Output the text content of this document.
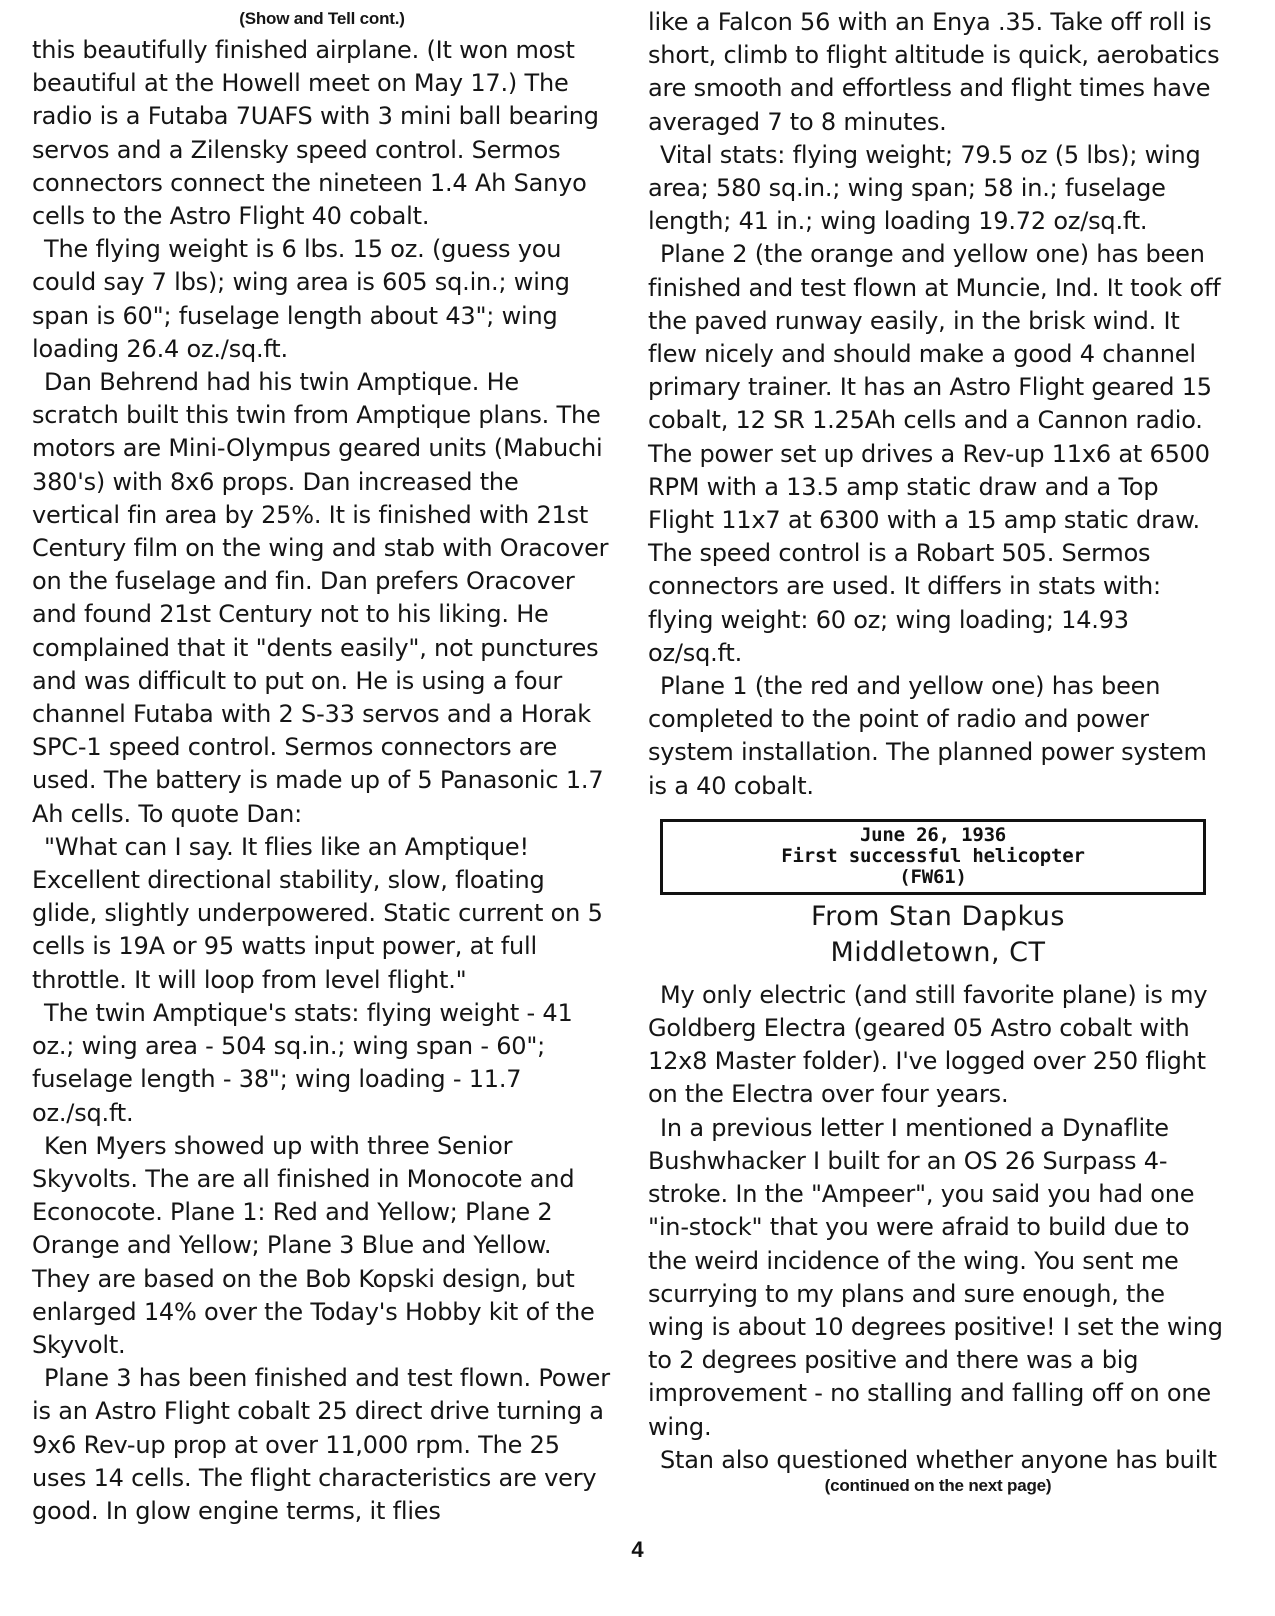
(Show and Tell cont.)

this beautifully finished airplane. (It won most beautiful at the Howell meet on May 17.) The radio is a Futaba 7UAFS with 3 mini ball bearing servos and a Zilensky speed control. Sermos connectors connect the nineteen 1.4 Ah Sanyo cells to the Astro Flight 40 cobalt.

The flying weight is 6 lbs. 15 oz. (guess you could say 7 lbs); wing area is 605 sq.in.; wing span is 60"; fuselage length about 43"; wing loading 26.4 oz./sq.ft.

Dan Behrend had his twin Amptique. He scratch built this twin from Amptique plans. The motors are Mini-Olympus geared units (Mabuchi 380's) with 8x6 props. Dan increased the vertical fin area by 25%. It is finished with 21st Century film on the wing and stab with Oracover on the fuselage and fin. Dan prefers Oracover and found 21st Century not to his liking. He complained that it "dents easily", not punctures and was difficult to put on. He is using a four channel Futaba with 2 S-33 servos and a Horak SPC-1 speed control. Sermos connectors are used. The battery is made up of 5 Panasonic 1.7 Ah cells. To quote Dan:

"What can I say. It flies like an Amptique! Excellent directional stability, slow, floating glide, slightly underpowered. Static current on 5 cells is 19A or 95 watts input power, at full throttle. It will loop from level flight."

The twin Amptique's stats: flying weight - 41 oz.; wing area - 504 sq.in.; wing span - 60"; fuselage length - 38"; wing loading - 11.7 oz./sq.ft.

Ken Myers showed up with three Senior Skyvolts. The are all finished in Monocote and Econocote. Plane 1: Red and Yellow; Plane 2 Orange and Yellow; Plane 3 Blue and Yellow. They are based on the Bob Kopski design, but enlarged 14% over the Today's Hobby kit of the Skyvolt.

Plane 3 has been finished and test flown. Power is an Astro Flight cobalt 25 direct drive turning a 9x6 Rev-up prop at over 11,000 rpm. The 25 uses 14 cells. The flight characteristics are very good. In glow engine terms, it flies

like a Falcon 56 with an Enya .35. Take off roll is short, climb to flight altitude is quick, aerobatics are smooth and effortless and flight times have averaged 7 to 8 minutes.

Vital stats: flying weight; 79.5 oz (5 lbs); wing area; 580 sq.in.; wing span; 58 in.; fuselage length; 41 in.; wing loading 19.72 oz/sq.ft.

Plane 2 (the orange and yellow one) has been finished and test flown at Muncie, Ind. It took off the paved runway easily, in the brisk wind. It flew nicely and should make a good 4 channel primary trainer. It has an Astro Flight geared 15 cobalt, 12 SR 1.25Ah cells and a Cannon radio. The power set up drives a Rev-up 11x6 at 6500 RPM with a 13.5 amp static draw and a Top Flight 11x7 at 6300 with a 15 amp static draw. The speed control is a Robart 505. Sermos connectors are used. It differs in stats with: flying weight: 60 oz; wing loading; 14.93 oz/sq.ft.

Plane 1 (the red and yellow one) has been completed to the point of radio and power system installation. The planned power system is a 40 cobalt.

June 26, 1936
First successful helicopter
(FW61)
From Stan Dapkus
Middletown, CT

My only electric (and still favorite plane) is my Goldberg Electra (geared 05 Astro cobalt with 12x8 Master folder). I've logged over 250 flight on the Electra over four years.

In a previous letter I mentioned a Dynaflite Bushwhacker I built for an OS 26 Surpass 4-stroke. In the "Ampeer", you said you had one "in-stock" that you were afraid to build due to the weird incidence of the wing. You sent me scurrying to my plans and sure enough, the wing is about 10 degrees positive! I set the wing to 2 degrees positive and there was a big improvement - no stalling and falling off on one wing.

Stan also questioned whether anyone has built

(continued on the next page)
4
